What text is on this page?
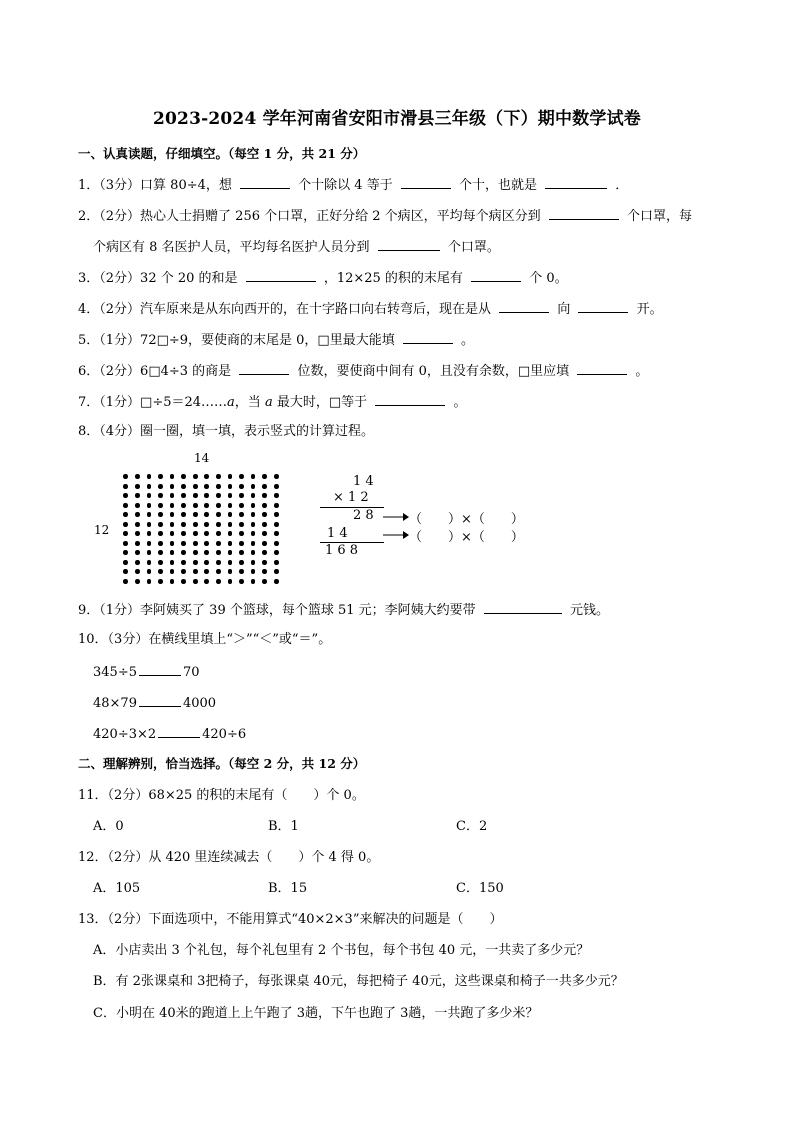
2023-2024 学年河南省安阳市滑县三年级（下）期中数学试卷
一、认真读题，仔细填空。（每空 1 分，共 21 分）
1．（3分）口算 80÷4，想	个十除以 4 等于	个十，也就是	．
2．（2分）热心人士捐赠了 256 个口罩，正好分给 2 个病区，平均每个病区分到	个口罩，每
个病区有 8 名医护人员，平均每名医护人员分到	个口罩。
3．（2分）32 个 20 的和是	，12×25 的积的末尾有	个 0。
4．（2分）汽车原来是从东向西开的，在十字路口向右转弯后，现在是从	向	开。
5．（1分）72□÷9，要使商的末尾是 0，□里最大能填	。
6．（2分）6□4÷3 的商是	位数，要使商中间有 0，且没有余数，□里应填	。
7．（1分）□÷5＝24……a，当 a 最大时，□等于	。
8．（4分）圈一圈，填一填，表示竖式的计算过程。
14
12
1 4
× 1 2
2 8
1 4
1 6 8
（　　）×（　　）
（　　）×（　　）
9．（1分）李阿姨买了 39 个篮球，每个篮球 51 元；李阿姨大约要带	元钱。
10．（3分）在横线里填上“＞”“＜”或“＝”。
345÷5	70
48×79	4000
420÷3×2	420÷6
二、理解辨别，恰当选择。（每空 2 分，共 12 分）
11．（2分）68×25 的积的末尾有（　　）个 0。
A．0	B．1	C．2
12．（2分）从 420 里连续减去（　　）个 4 得 0。
A．105	B．15	C．150
13．（2分）下面选项中，不能用算式“40×2×3”来解决的问题是（　　）
A．小店卖出 3 个礼包，每个礼包里有 2 个书包，每个书包 40 元，一共卖了多少元？
B．有 2张课桌和 3把椅子，每张课桌 40元，每把椅子 40元，这些课桌和椅子一共多少元？
C．小明在 40米的跑道上上午跑了 3趟，下午也跑了 3趟，一共跑了多少米？
